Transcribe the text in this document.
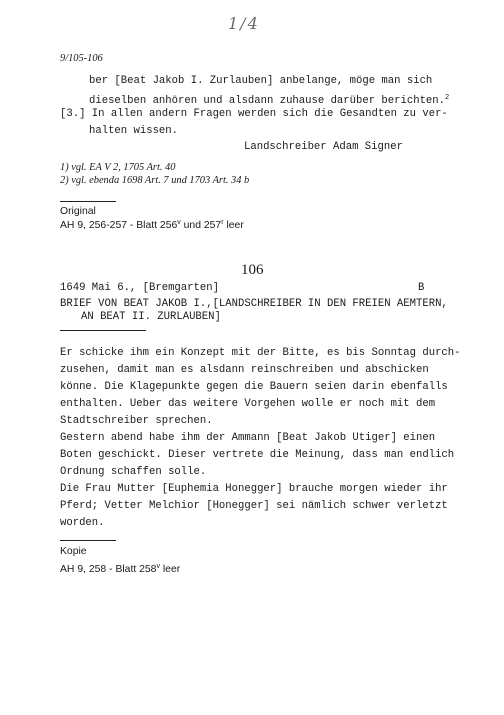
1/4
9/105-106
ber [Beat Jakob I. Zurlauben] anbelange, möge man sich
dieselben anhören und alsdann zuhause darüber berichten.$^2$
[3.] In allen andern Fragen werden sich die Gesandten zu ver-
halten wissen.
Landschreiber Adam Signer
1) vgl. EA V 2, 1705 Art. 40
2) vgl. ebenda 1698 Art. 7 und 1703 Art. 34 b
Original
AH 9, 256-257 - Blatt 256$^v$ und 257$^r$ leer
106
1649 Mai 6., [Bremgarten]	B
BRIEF VON BEAT JAKOB I.,[LANDSCHREIBER IN DEN FREIEN AEMTERN,
AN BEAT II. ZURLAUBEN]
Er schicke ihm ein Konzept mit der Bitte, es bis Sonntag durch-
zusehen, damit man es alsdann reinschreiben und abschicken
könne. Die Klagepunkte gegen die Bauern seien darin ebenfalls
enthalten. Ueber das weitere Vorgehen wolle er noch mit dem
Stadtschreiber sprechen.
Gestern abend habe ihm der Ammann [Beat Jakob Utiger] einen
Boten geschickt. Dieser vertrete die Meinung, dass man endlich
Ordnung schaffen solle.
Die Frau Mutter [Euphemia Honegger] brauche morgen wieder ihr
Pferd; Vetter Melchior [Honegger] sei nämlich schwer verletzt
worden.
Kopie
AH 9, 258 - Blatt 258$^v$ leer
